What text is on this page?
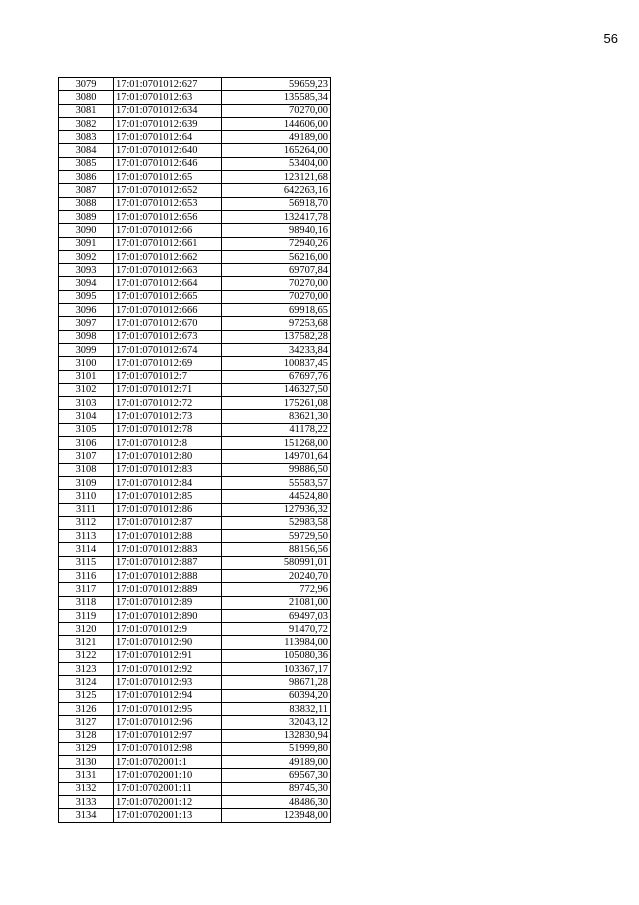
56
3079	17:01:0701012:627	59659,23
3080	17:01:0701012:63	135585,34
3081	17:01:0701012:634	70270,00
3082	17:01:0701012:639	144606,00
3083	17:01:0701012:64	49189,00
3084	17:01:0701012:640	165264,00
3085	17:01:0701012:646	53404,00
3086	17:01:0701012:65	123121,68
3087	17:01:0701012:652	642263,16
3088	17:01:0701012:653	56918,70
3089	17:01:0701012:656	132417,78
3090	17:01:0701012:66	98940,16
3091	17:01:0701012:661	72940,26
3092	17:01:0701012:662	56216,00
3093	17:01:0701012:663	69707,84
3094	17:01:0701012:664	70270,00
3095	17:01:0701012:665	70270,00
3096	17:01:0701012:666	69918,65
3097	17:01:0701012:670	97253,68
3098	17:01:0701012:673	137582,28
3099	17:01:0701012:674	34233,84
3100	17:01:0701012:69	100837,45
3101	17:01:0701012:7	67697,76
3102	17:01:0701012:71	146327,50
3103	17:01:0701012:72	175261,08
3104	17:01:0701012:73	83621,30
3105	17:01:0701012:78	41178,22
3106	17:01:0701012:8	151268,00
3107	17:01:0701012:80	149701,64
3108	17:01:0701012:83	99886,50
3109	17:01:0701012:84	55583,57
3110	17:01:0701012:85	44524,80
3111	17:01:0701012:86	127936,32
3112	17:01:0701012:87	52983,58
3113	17:01:0701012:88	59729,50
3114	17:01:0701012:883	88156,56
3115	17:01:0701012:887	580991,01
3116	17:01:0701012:888	20240,70
3117	17:01:0701012:889	772,96
3118	17:01:0701012:89	21081,00
3119	17:01:0701012:890	69497,03
3120	17:01:0701012:9	91470,72
3121	17:01:0701012:90	113984,00
3122	17:01:0701012:91	105080,36
3123	17:01:0701012:92	103367,17
3124	17:01:0701012:93	98671,28
3125	17:01:0701012:94	60394,20
3126	17:01:0701012:95	83832,11
3127	17:01:0701012:96	32043,12
3128	17:01:0701012:97	132830,94
3129	17:01:0701012:98	51999,80
3130	17:01:0702001:1	49189,00
3131	17:01:0702001:10	69567,30
3132	17:01:0702001:11	89745,30
3133	17:01:0702001:12	48486,30
3134	17:01:0702001:13	123948,00
